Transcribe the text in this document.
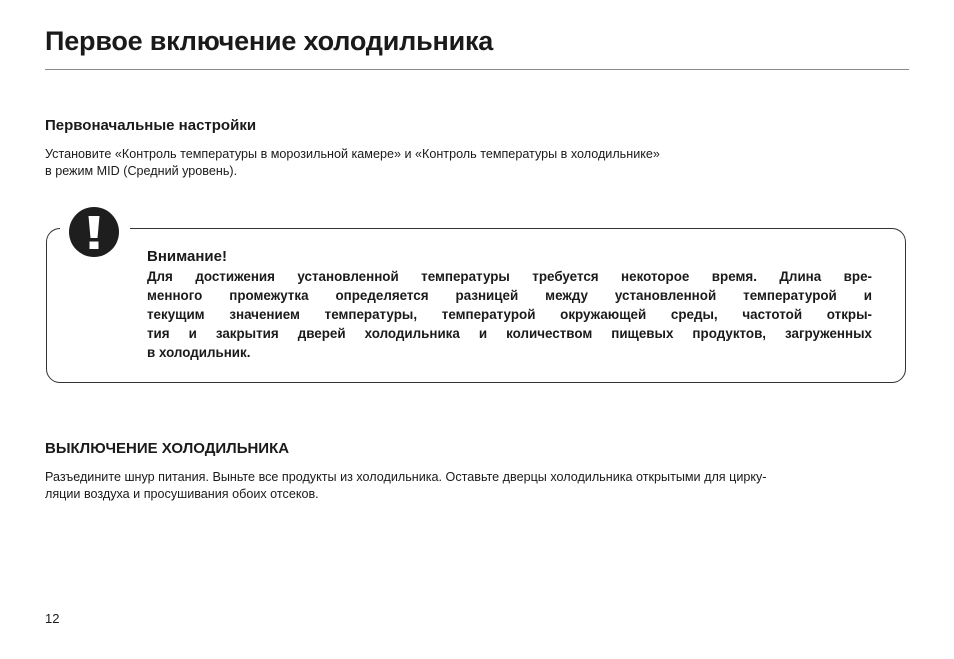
Первое включение холодильника
Первоначальные настройки
Установите «Контроль температуры в морозильной камере» и «Контроль температуры в холодильнике»
в режим MID (Средний уровень).
Внимание!
Для достижения установленной температуры требуется некоторое время. Длина вре-
менного промежутка определяется разницей между установленной температурой и
текущим значением температуры, температурой окружающей среды, частотой откры-
тия и закрытия дверей холодильника и количеством пищевых продуктов, загруженных
в холодильник.
ВЫКЛЮЧЕНИЕ ХОЛОДИЛЬНИКА
Разъедините шнур питания. Выньте все продукты из холодильника. Оставьте дверцы холодильника открытыми для цирку-
ляции воздуха и просушивания обоих отсеков.
12
